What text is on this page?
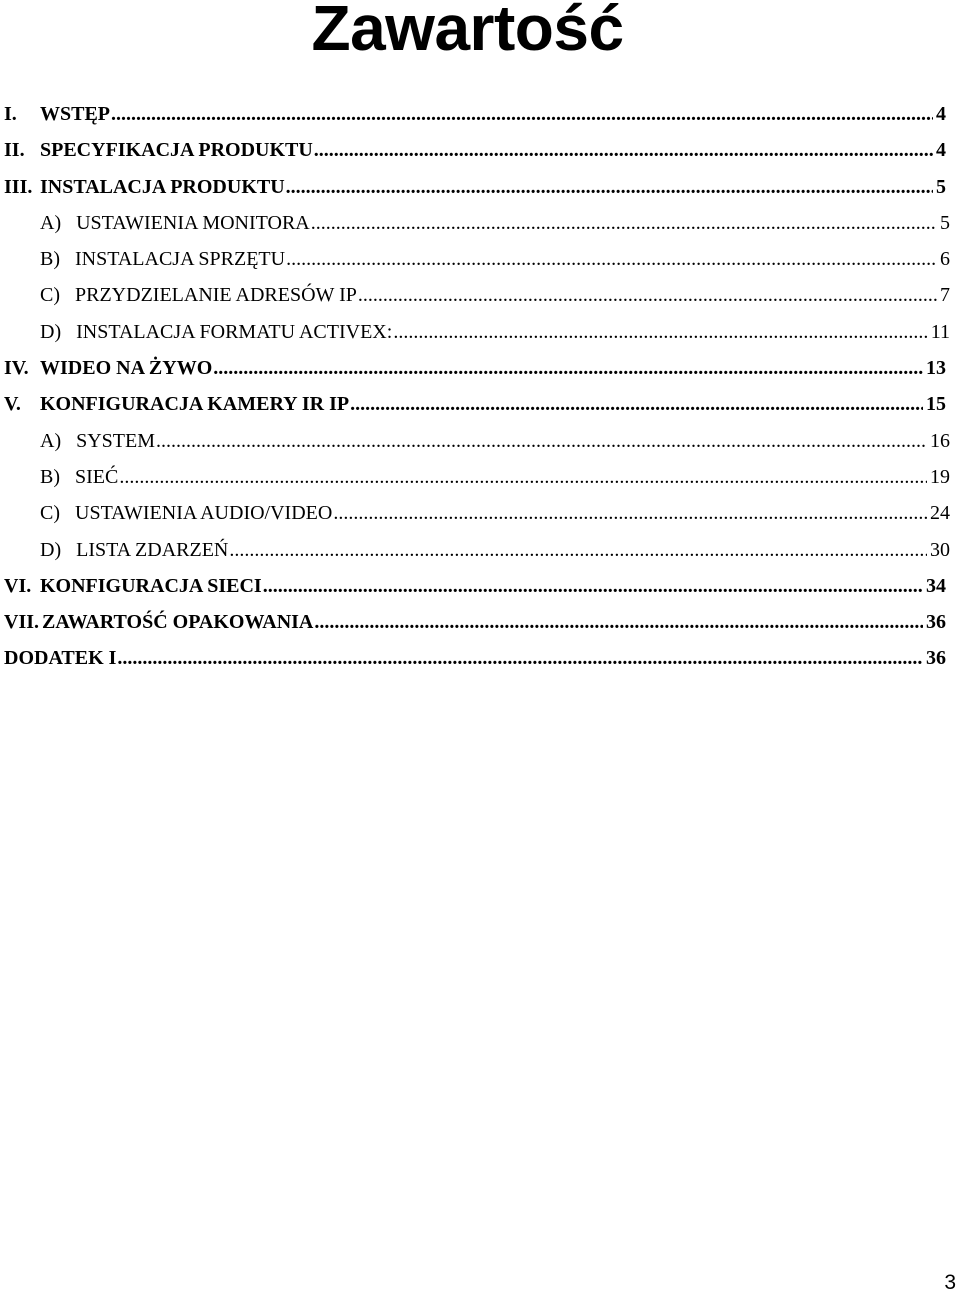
Zawartość
I. WSTĘP .....	4
II. SPECYFIKACJA PRODUKTU .....	4
III. INSTALACJA PRODUKTU .....	5
A)   USTAWIENIA MONITORA .....	5
B)   INSTALACJA SPRZĘTU .....	6
C)   PRZYDZIELANIE ADRESÓW IP .....	7
D)   INSTALACJA FORMATU ACTIVEX: .....	11
IV. WIDEO NA ŻYWO .....	13
V. KONFIGURACJA KAMERY IR IP .....	15
A)   SYSTEM .....	16
B)   SIEĆ .....	19
C)   USTAWIENIA AUDIO/VIDEO .....	24
D)   LISTA ZDARZEŃ .....	30
VI. KONFIGURACJA SIECI .....	34
VII. ZAWARTOŚĆ OPAKOWANIA .....	36
DODATEK I .....	36
3
